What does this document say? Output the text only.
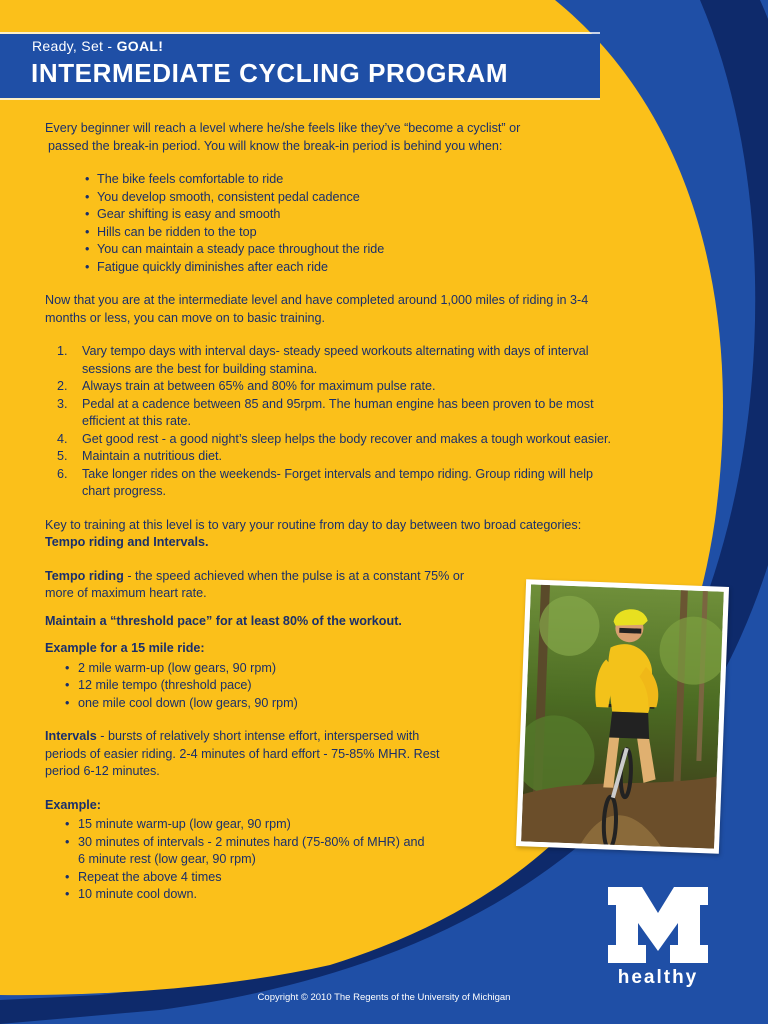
Ready, Set - GOAL!
INTERMEDIATE CYCLING PROGRAM

Every beginner will reach a level where he/she feels like they’ve “become a cyclist” or
passed the break-in period. You will know the break-in period is behind you when:

• The bike feels comfortable to ride
• You develop smooth, consistent pedal cadence
• Gear shifting is easy and smooth
• Hills can be ridden to the top
• You can maintain a steady pace throughout the ride
• Fatigue quickly diminishes after each ride

Now that you are at the intermediate level and have completed around 1,000 miles of riding in 3-4
months or less, you can move on to basic training.

1. Vary tempo days with interval days- steady speed workouts alternating with days of interval
sessions are the best for building stamina.
2. Always train at between 65% and 80% for maximum pulse rate.
3. Pedal at a cadence between 85 and 95rpm. The human engine has been proven to be most
efficient at this rate.
4. Get good rest - a good night’s sleep helps the body recover and makes a tough workout easier.
5. Maintain a nutritious diet.
6. Take longer rides on the weekends- Forget intervals and tempo riding. Group riding will help
chart progress.

Key to training at this level is to vary your routine from day to day between two broad categories:
Tempo riding and Intervals.

Tempo riding - the speed achieved when the pulse is at a constant 75% or
more of maximum heart rate.

Maintain a “threshold pace” for at least 80% of the workout.

Example for a 15 mile ride:

• 2 mile warm-up (low gears, 90 rpm)
• 12 mile tempo (threshold pace)
• one mile cool down (low gears, 90 rpm)

Intervals - bursts of relatively short intense effort, interspersed with
periods of easier riding. 2-4 minutes of hard effort - 75-85% MHR. Rest
period 6-12 minutes.

Example:

• 15 minute warm-up (low gear, 90 rpm)
• 30 minutes of intervals - 2 minutes hard (75-80% of MHR) and
6 minute rest (low gear, 90 rpm)
• Repeat the above 4 times
• 10 minute cool down.
healthy
Copyright © 2010 The Regents of the University of Michigan
